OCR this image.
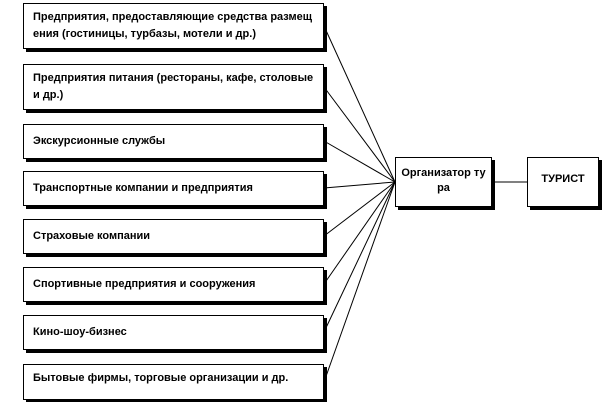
Предприятия, предоставляющие средства размещения (гостиницы, турбазы, мотели и др.)
Предприятия питания (рестораны, кафе, столовые и др.)
Экскурсионные службы
Транспортные компании и предприятия
Страховые компании
Спортивные предприятия и сооружения
Кино-шоу-бизнес
Бытовые фирмы, торговые организации и др.
Организатор тура
ТУРИСТ
